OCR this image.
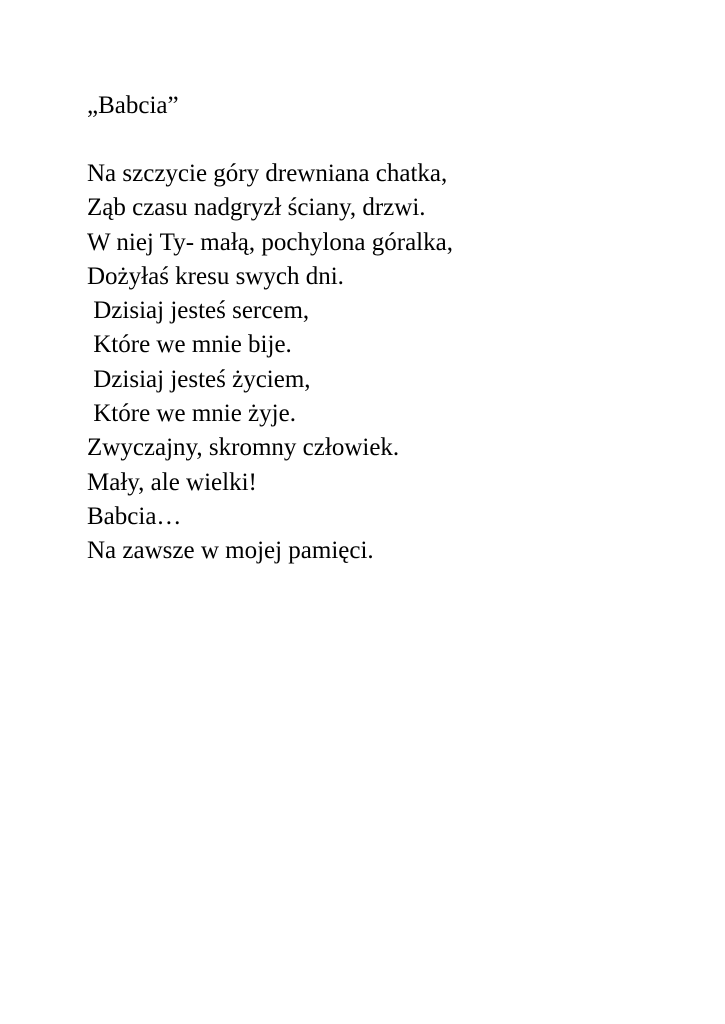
„Babcia”
Na szczycie góry drewniana chatka,
Ząb czasu nadgryzł ściany, drzwi.
W niej Ty- małą, pochylona góralka,
Dożyłaś kresu swych dni.
Dzisiaj jesteś sercem,
Które we mnie bije.
Dzisiaj jesteś życiem,
Które we mnie żyje.
Zwyczajny, skromny człowiek.
Mały, ale wielki!
Babcia…
Na zawsze w mojej pamięci.
